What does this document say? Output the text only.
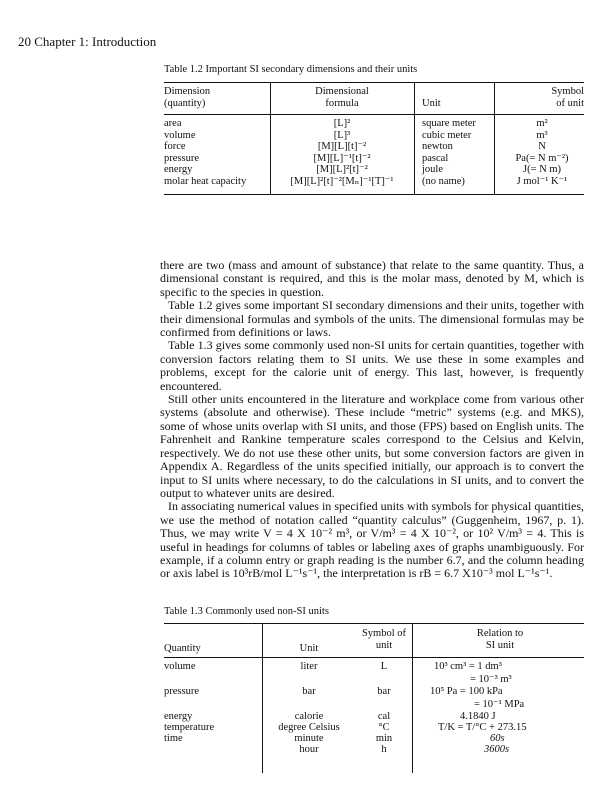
20 Chapter 1: Introduction
Table 1.2 Important SI secondary dimensions and their units
Dimension
(quantity)
Dimensional
formula	Unit
Symbol
of unit
area
volume
force
pressure
energy
molar heat capacity
[L]²
[L]³
[M][L][t]⁻²
[M][L]⁻¹[t]⁻²
[M][L]²[t]⁻²
[M][L]²[t]⁻²[Mₙ]⁻¹[T]⁻¹
square meter
cubic meter
newton
pascal
joule
(no name)
m²
m³
N
Pa(= N m⁻²)
J(= N m)
J mol⁻¹ K⁻¹

there are two (mass and amount of substance) that relate to the same quantity. Thus, a dimensional constant is required, and this is the molar mass, denoted by M, which is specific to the species in question.

Table 1.2 gives some important SI secondary dimensions and their units, together with their dimensional formulas and symbols of the units. The dimensional formulas may be confirmed from definitions or laws.

Table 1.3 gives some commonly used non-SI units for certain quantities, together with conversion factors relating them to SI units. We use these in some examples and problems, except for the calorie unit of energy. This last, however, is frequently encountered.

Still other units encountered in the literature and workplace come from various other systems (absolute and otherwise). These include “metric” systems (e.g. and MKS), some of whose units overlap with SI units, and those (FPS) based on English units. The Fahrenheit and Rankine temperature scales correspond to the Celsius and Kelvin, respectively. We do not use these other units, but some conversion factors are given in Appendix A. Regardless of the units specified initially, our approach is to convert the input to SI units where necessary, to do the calculations in SI units, and to convert the output to whatever units are desired.

In associating numerical values in specified units with symbols for physical quantities, we use the method of notation called “quantity calculus” (Guggenheim, 1967, p. 1). Thus, we may write V = 4 X 10⁻² m³, or V/m³ = 4 X 10⁻², or 10² V/m³ = 4. This is useful in headings for columns of tables or labeling axes of graphs unambiguously. For example, if a column entry or graph reading is the number 6.7, and the column heading or axis label is 10³rB/mol L⁻¹s⁻¹, the interpretation is rB = 6.7 X10⁻³ mol L⁻¹s⁻¹.

Table 1.3 Commonly used non-SI units
Quantity	Unit
Symbol of
unit
Relation to
SI unit
volume
pressure
energy
temperature
time
liter
bar
calorie
degree Celsius
minute
hour
L
bar
cal
°C
min
h
10³ cm³ = 1 dm³
= 10⁻³ m³
10⁵ Pa = 100 kPa
= 10⁻¹ MPa
4.1840 J
T/K = T/°C + 273.15
60s
3600s
